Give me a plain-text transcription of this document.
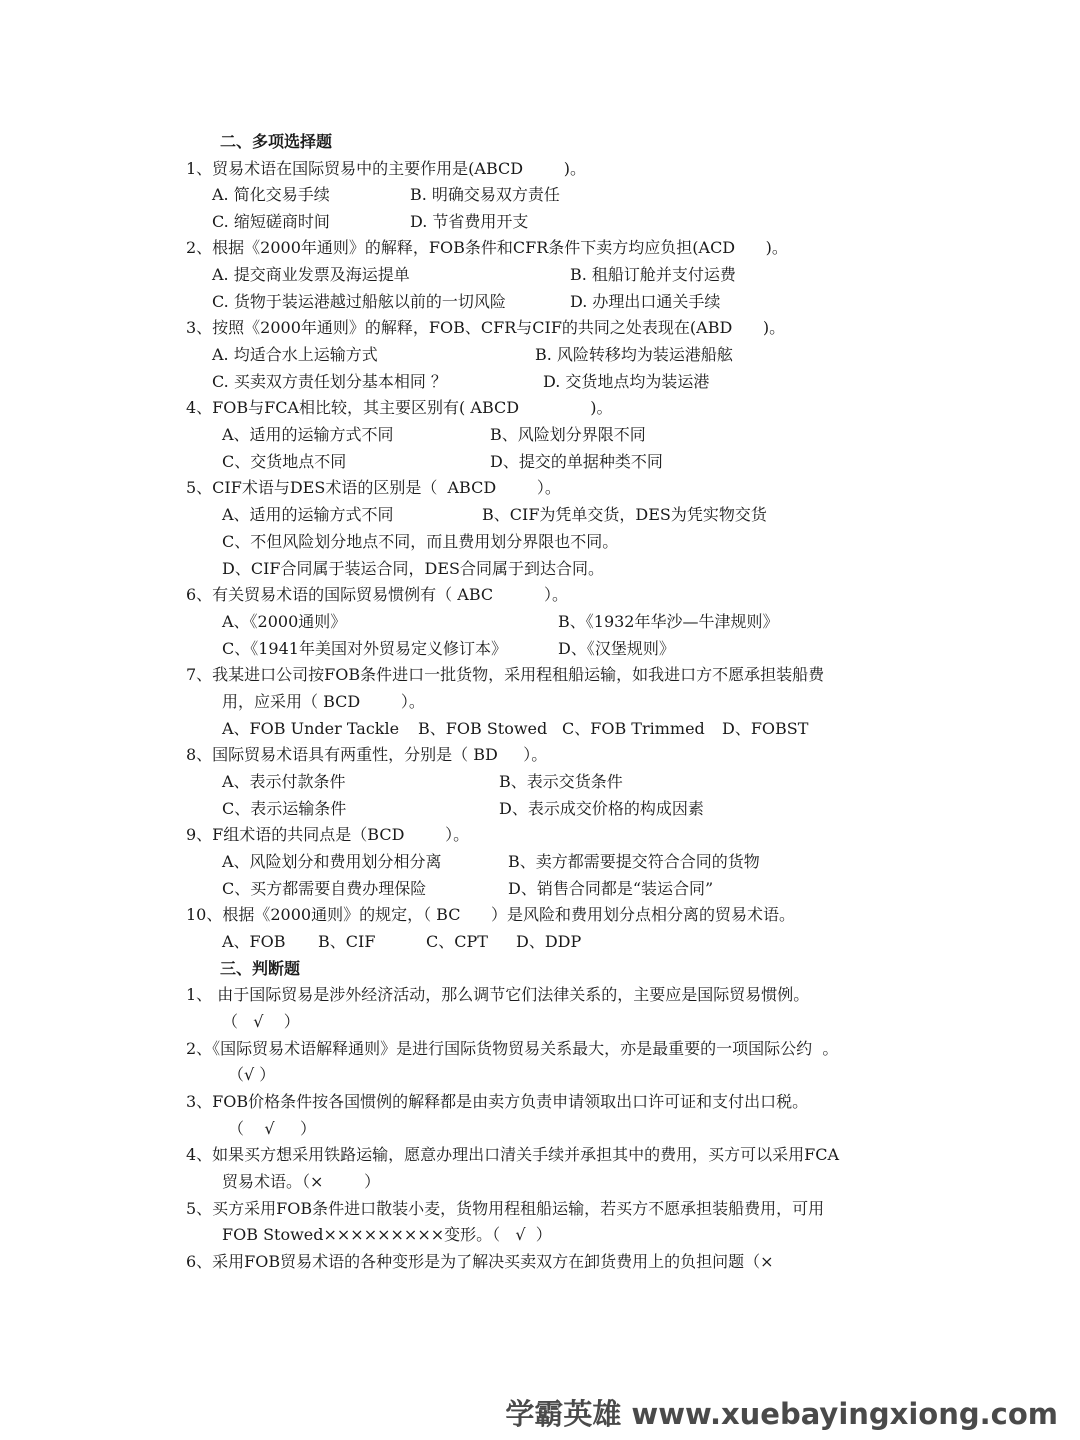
二、多项选择题
1、贸易术语在国际贸易中的主要作用是(ABCD        )。
A. 简化交易手续	B. 明确交易双方责任
C. 缩短磋商时间	D. 节省费用开支
2、根据《2000年通则》的解释，FOB条件和CFR条件下卖方均应负担(ACD      )。
A. 提交商业发票及海运提单	B. 租船订舱并支付运费
C. 货物于装运港越过船舷以前的一切风险	D. 办理出口通关手续
3、按照《2000年通则》的解释，FOB、CFR与CIF的共同之处表现在(ABD      )。
A. 均适合水上运输方式	B. 风险转移均为装运港船舷
C. 买卖双方责任划分基本相同 ？	D. 交货地点均为装运港
4、FOB与FCA相比较，其主要区别有( ABCD              )。
A、适用的运输方式不同	B、风险划分界限不同
C、交货地点不同	D、提交的单据种类不同
5、CIF术语与DES术语的区别是（  ABCD        ）。
A、适用的运输方式不同	B、CIF为凭单交货，DES为凭实物交货
C、不但风险划分地点不同，而且费用划分界限也不同。
D、CIF合同属于装运合同，DES合同属于到达合同。
6、有关贸易术语的国际贸易惯例有（ ABC          ）。
A、《2000通则》	B、《1932年华沙—牛津规则》
C、《1941年美国对外贸易定义修订本》	D、《汉堡规则》
7、我某进口公司按FOB条件进口一批货物，采用程租船运输，如我进口方不愿承担装船费
用，应采用（ BCD        ）。
A、FOB Under Tackle B、FOB Stowed C、FOB Trimmed D、FOBST
8、国际贸易术语具有两重性，分别是（ BD     ）。
A、表示付款条件	B、表示交货条件
C、表示运输条件	D、表示成交价格的构成因素
9、F组术语的共同点是（BCD        ）。
A、风险划分和费用划分相分离	B、卖方都需要提交符合合同的货物
C、买方都需要自费办理保险	D、销售合同都是“装运合同”
10、根据《2000通则》的规定，（ BC      ）是风险和费用划分点相分离的贸易术语。
A、FOB B、CIF	C、CPT D、DDP
三、判断题
1、 由于国际贸易是涉外经济活动，那么调节它们法律关系的，主要应是国际贸易惯例。
（   √    ）
2、《国际贸易术语解释通则》是进行国际货物贸易关系最大，亦是最重要的一项国际公约  。
（√ ）
3、FOB价格条件按各国惯例的解释都是由卖方负责申请领取出口许可证和支付出口税。
（    √     ）
4、如果买方想采用铁路运输，愿意办理出口清关手续并承担其中的费用，买方可以采用FCA
贸易术语。（×        ）
5、买方采用FOB条件进口散装小麦，货物用程租船运输，若买方不愿承担装船费用，可用
FOB Stowed×××××××××变形。（   √  ）
6、采用FOB贸易术语的各种变形是为了解决买卖双方在卸货费用上的负担问题（×
学霸英雄 www.xuebayingxiong.com
